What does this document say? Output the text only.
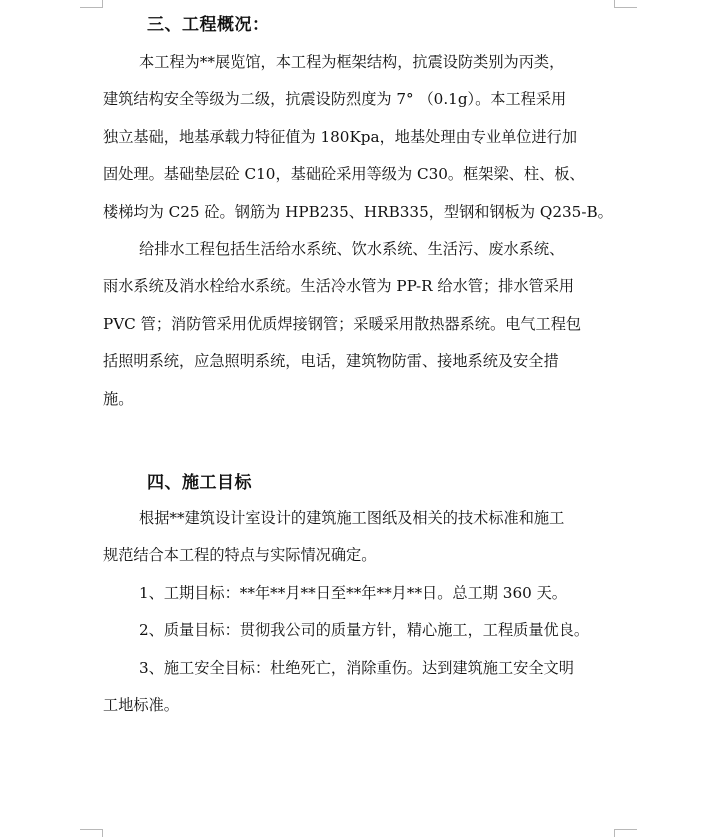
三、工程概况：
本工程为**展览馆，本工程为框架结构，抗震设防类别为丙类，
建筑结构安全等级为二级，抗震设防烈度为 7° （0.1g）。本工程采用
独立基础，地基承载力特征值为 180Kpa，地基处理由专业单位进行加
固处理。基础垫层砼 C10，基础砼采用等级为 C30。框架梁、柱、板、
楼梯均为 C25 砼。钢筋为 HPB235、HRB335，型钢和钢板为 Q235-B。
给排水工程包括生活给水系统、饮水系统、生活污、废水系统、
雨水系统及消水栓给水系统。生活冷水管为 PP-R 给水管；排水管采用
PVC 管；消防管采用优质焊接钢管；采暖采用散热器系统。电气工程包
括照明系统，应急照明系统，电话，建筑物防雷、接地系统及安全措
施。
四、施工目标
根据**建筑设计室设计的建筑施工图纸及相关的技术标准和施工
规范结合本工程的特点与实际情况确定。
1、工期目标：**年**月**日至**年**月**日。总工期 360 天。
2、质量目标：贯彻我公司的质量方针，精心施工，工程质量优良。
3、施工安全目标：杜绝死亡，消除重伤。达到建筑施工安全文明
工地标准。
